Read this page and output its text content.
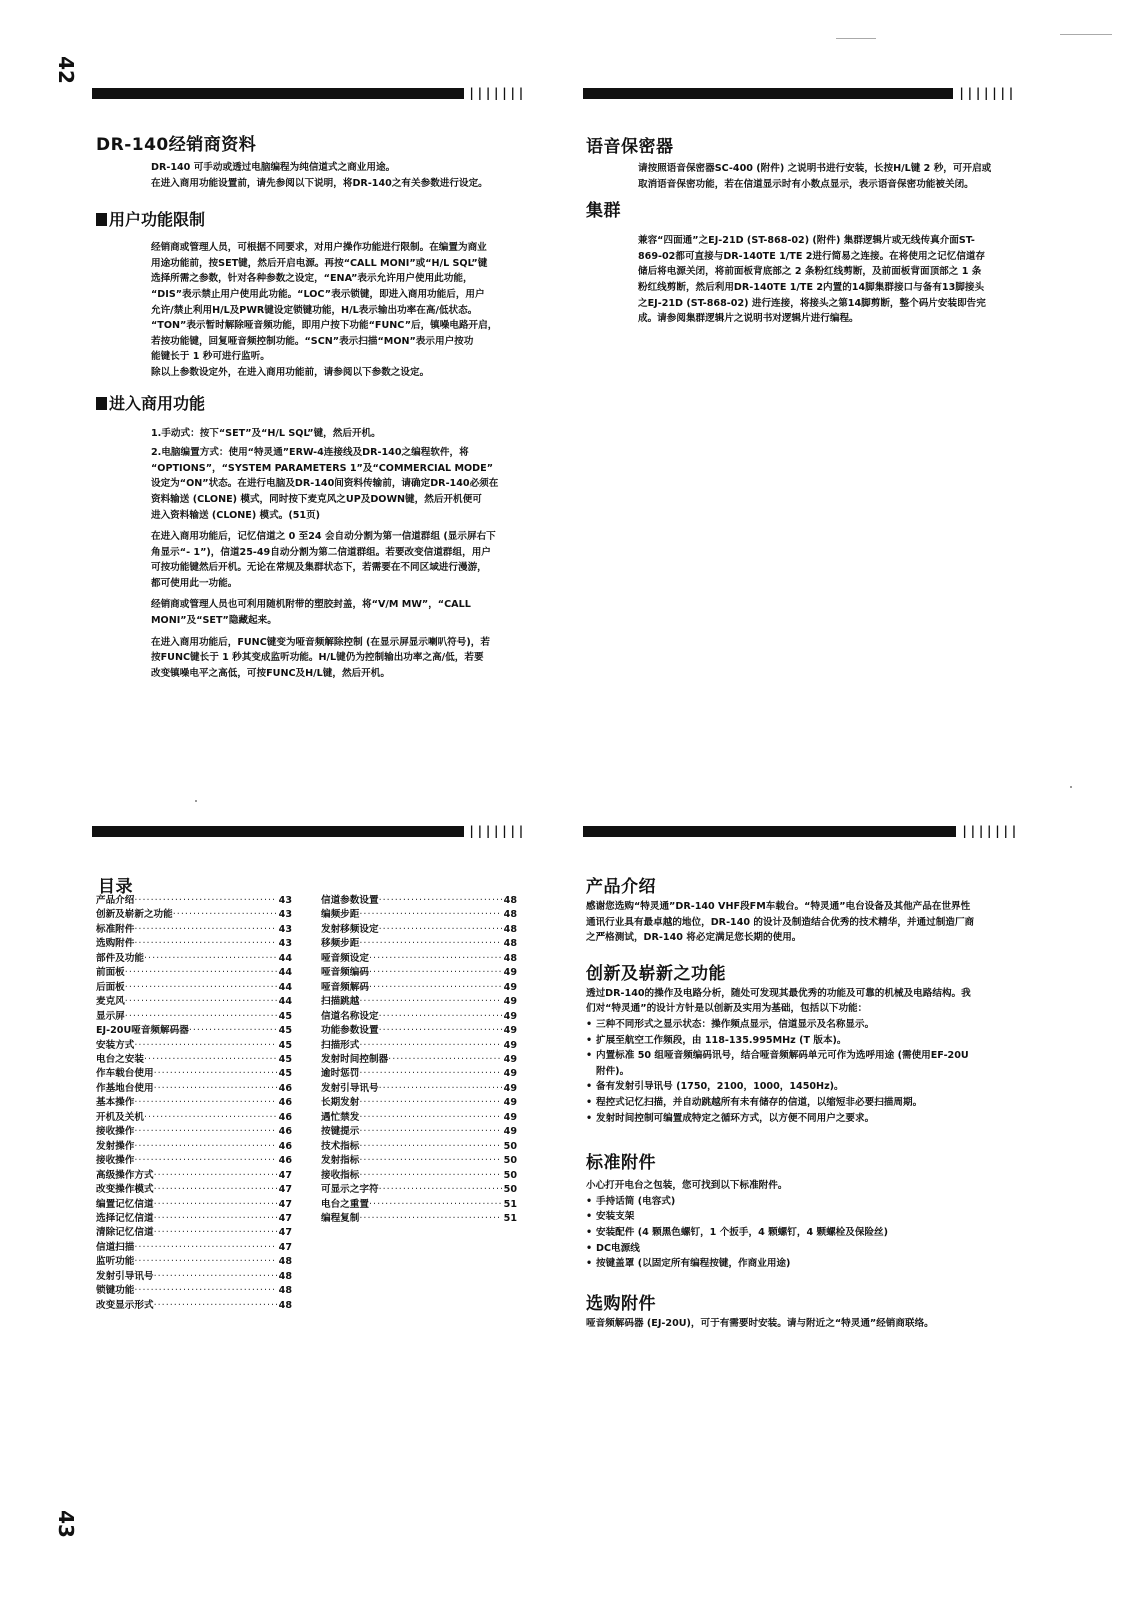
42
43
|||||||	|||||||
|||||||	|||||||
DR-140经销商资料

DR-140 可手动或透过电脑编程为纯信道式之商业用途。

在进入商用功能设置前，请先参阅以下说明，将DR-140之有关参数进行设定。

用户功能限制

经销商或管理人员，可根据不同要求，对用户操作功能进行限制。在编置为商业

用途功能前，按SET键，然后开启电源。再按“CALL MONI”或“H/L SQL”键

选择所需之参数，针对各种参数之设定，“ENA”表示允许用户使用此功能，

“DIS”表示禁止用户使用此功能。“LOC”表示锁键，即进入商用功能后，用户

允许/禁止利用H/L及PWR键设定锁键功能，H/L表示输出功率在高/低状态。

“TON”表示暂时解除哑音频功能，即用户按下功能“FUNC”后，镇噪电路开启，

若按功能键，回复哑音频控制功能。“SCN”表示扫描“MON”表示用户按功

能键长于 1 秒可进行监听。

除以上参数设定外，在进入商用功能前，请参阅以下参数之设定。

进入商用功能

1.手动式：按下“SET”及“H/L SQL”键，然后开机。

2.电脑编置方式：使用“特灵通”ERW-4连接线及DR-140之编程软件，将

“OPTIONS”，“SYSTEM PARAMETERS 1”及“COMMERCIAL MODE”

设定为“ON”状态。在进行电脑及DR-140间资料传输前，请确定DR-140必须在

资料输送 (CLONE) 模式，同时按下麦克风之UP及DOWN键，然后开机便可

进入资料输送 (CLONE) 模式。(51页)

在进入商用功能后，记忆信道之 0 至24 会自动分割为第一信道群组 (显示屏右下

角显示“- 1”)，信道25-49自动分割为第二信道群组。若要改变信道群组，用户

可按功能键然后开机。无论在常规及集群状态下，若需要在不同区域进行漫游，

都可使用此一功能。

经销商或管理人员也可利用随机附带的塑胶封盖，将“V/M MW”，“CALL

MONI”及“SET”隐藏起来。

在进入商用功能后，FUNC键变为哑音频解除控制 (在显示屏显示喇叭符号)，若

按FUNC键长于 1 秒其变成监听功能。H/L键仍为控制输出功率之高/低，若要

改变镇噪电平之高低，可按FUNC及H/L键，然后开机。

语音保密器

请按照语音保密器SC-400 (附件) 之说明书进行安装，长按H/L键 2 秒，可开启或

取消语音保密功能，若在信道显示时有小数点显示，表示语音保密功能被关闭。

集群

兼容“四面通”之EJ-21D (ST-868-02) (附件) 集群逻辑片或无线传真介面ST-

869-02都可直接与DR-140TE 1/TE 2进行简易之连接。在将使用之记忆信道存

储后将电源关闭，将前面板背底部之 2 条粉红线剪断，及前面板背面顶部之 1 条

粉红线剪断，然后利用DR-140TE 1/TE 2内置的14脚集群接口与备有13脚接头

之EJ-21D (ST-868-02) 进行连接，将接头之第14脚剪断，整个码片安装即告完

成。请参阅集群逻辑片之说明书对逻辑片进行编程。

目录
产品介绍 ·····	43
创新及崭新之功能 ·····	43
标准附件 ·····	43
选购附件 ·····	43
部件及功能 ·····	44
前面板 ·····	44
后面板 ·····	44
麦克风 ·····	44
显示屏 ·····	45
EJ-20U哑音频解码器 ·····	45
安装方式 ·····	45
电台之安装 ·····	45
作车载台使用 ·····	45
作基地台使用 ·····	46
基本操作 ·····	46
开机及关机 ·····	46
接收操作 ·····	46
发射操作 ·····	46
接收操作 ·····	46
高级操作方式 ·····	47
改变操作模式 ·····	47
编置记忆信道 ·····	47
选择记忆信道 ·····	47
清除记忆信道 ·····	47
信道扫描 ·····	47
监听功能 ·····	48
发射引导讯号 ·····	48
锁键功能 ·····	48
改变显示形式 ·····	48
信道参数设置 ·····	48
编频步距 ·····	48
发射移频设定 ·····	48
移频步距 ·····	48
哑音频设定 ·····	48
哑音频编码 ·····	49
哑音频解码 ·····	49
扫描跳越 ·····	49
信道名称设定 ·····	49
功能参数设置 ·····	49
扫描形式 ·····	49
发射时间控制器 ·····	49
逾时惩罚 ·····	49
发射引导讯号 ·····	49
长期发射 ·····	49
遇忙禁发 ·····	49
按键提示 ·····	49
技术指标 ·····	50
发射指标 ·····	50
接收指标 ·····	50
可显示之字符 ·····	50
电台之重置 ·····	51
编程复制 ·····	51
产品介绍

感谢您选购“特灵通”DR-140 VHF段FM车载台。“特灵通”电台设备及其他产品在世界性

通讯行业具有最卓越的地位，DR-140 的设计及制造结合优秀的技术精华，并通过制造厂商

之严格测试，DR-140 将必定满足您长期的使用。

创新及崭新之功能

透过DR-140的操作及电路分析，随处可发现其最优秀的功能及可靠的机械及电路结构。我

们对“特灵通”的设计方针是以创新及实用为基础，包括以下功能：

• 三种不同形式之显示状态：操作频点显示，信道显示及名称显示。
• 扩展至航空工作频段，由 118-135.995MHz (T 版本)。
• 内置标准 50 组哑音频编码讯号，结合哑音频解码单元可作为选呼用途 (需使用EF-20U
附件)。
• 备有发射引导讯号 (1750，2100，1000，1450Hz)。
• 程控式记忆扫描，并自动跳越所有未有储存的信道，以缩短非必要扫描周期。
• 发射时间控制可编置成特定之循环方式，以方便不同用户之要求。
标准附件

小心打开电台之包装，您可找到以下标准附件。

• 手持话筒 (电容式)
• 安装支架
• 安装配件 (4 颗黑色螺钉，1 个扳手，4 颗螺钉，4 颗螺栓及保险丝)
• DC电源线
• 按键盖罩 (以固定所有编程按键，作商业用途)
选购附件

哑音频解码器 (EJ-20U)，可于有需要时安装。请与附近之“特灵通”经销商联络。
